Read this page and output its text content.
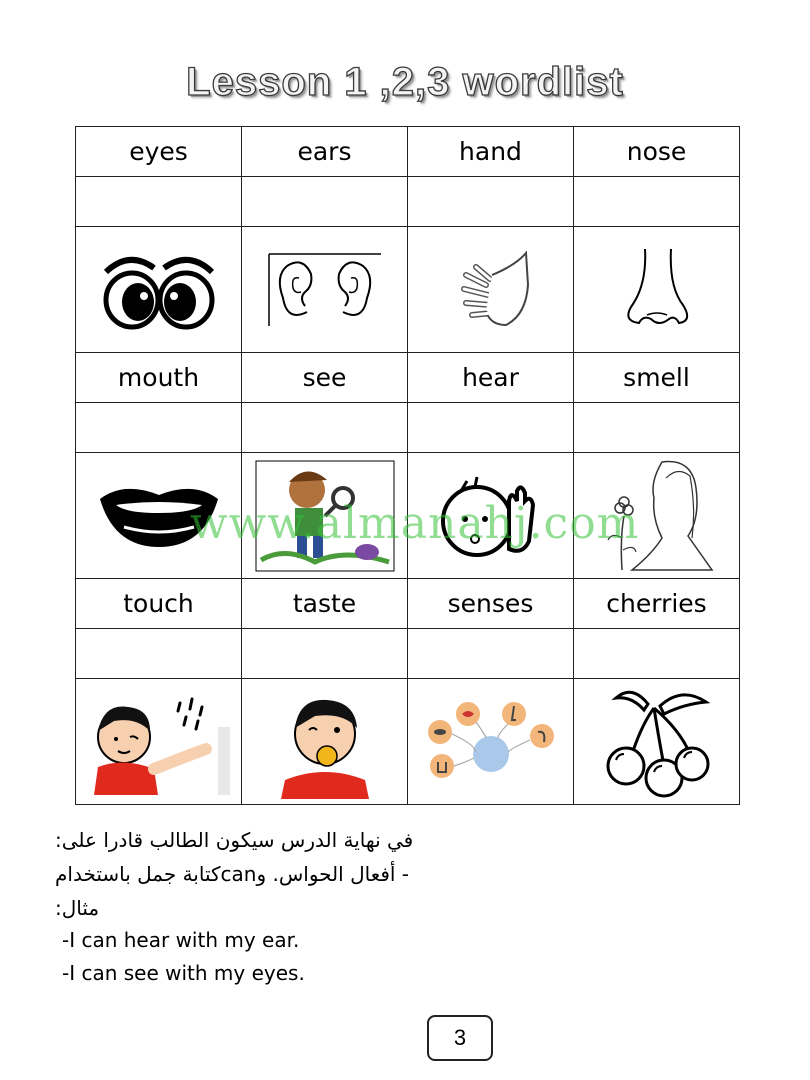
Lesson 1 ,2,3 wordlist
eyes	ears	hand	nose

mouth	see	hear	smell

touch	taste	senses	cherries

www.almanahj.com
في نهاية الدرس سيكون الطالب قادرا على:
- أفعال الحواس. وcanكتابة جمل باستخدام
مثال:
-I can hear with my ear.
-I can see with my eyes.
3
